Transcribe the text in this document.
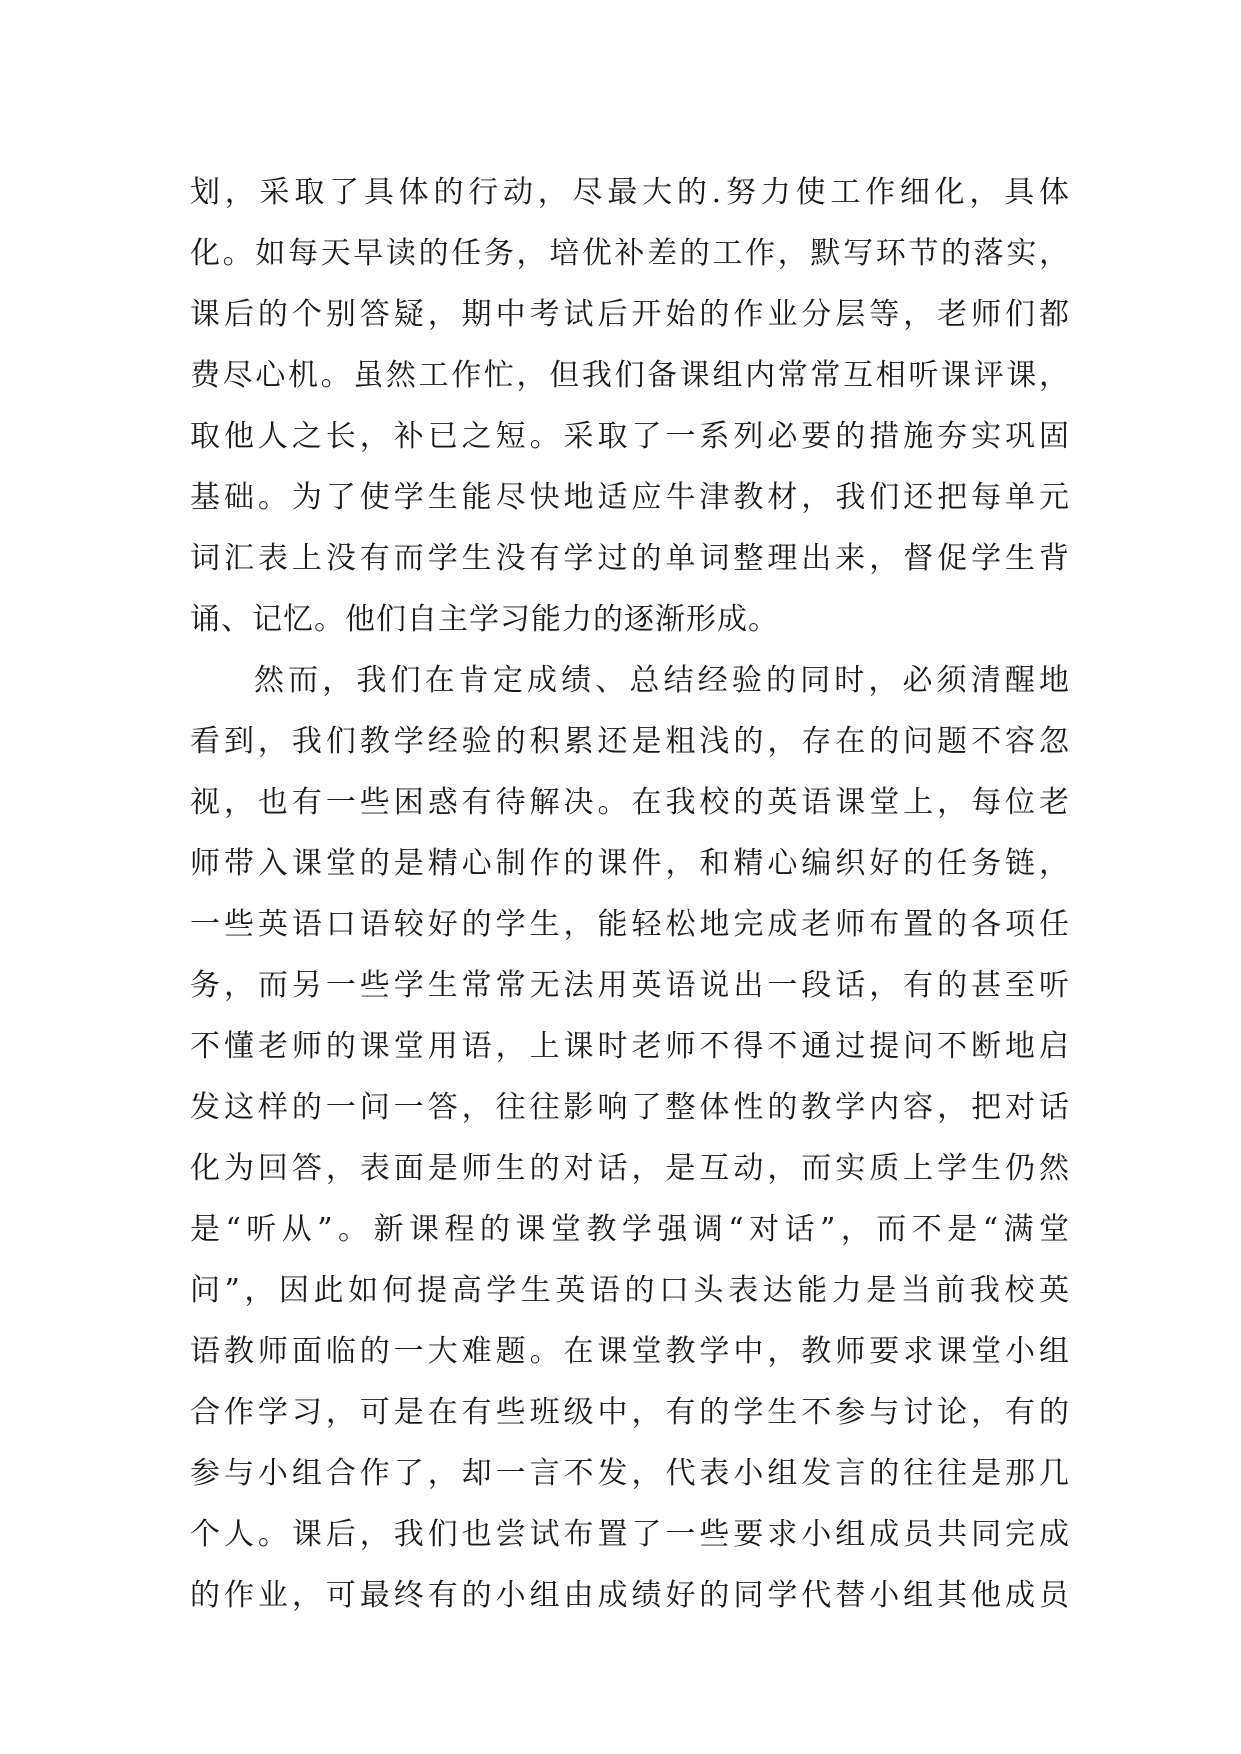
划，采取了具体的行动，尽最大的.努力使工作细化，具体
化。如每天早读的任务，培优补差的工作，默写环节的落实，
课后的个别答疑，期中考试后开始的作业分层等，老师们都
费尽心机。虽然工作忙，但我们备课组内常常互相听课评课，
取他人之长，补已之短。采取了一系列必要的措施夯实巩固
基础。为了使学生能尽快地适应牛津教材，我们还把每单元
词汇表上没有而学生没有学过的单词整理出来，督促学生背
诵、记忆。他们自主学习能力的逐渐形成。
然而，我们在肯定成绩、总结经验的同时，必须清醒地
看到，我们教学经验的积累还是粗浅的，存在的问题不容忽
视，也有一些困惑有待解决。在我校的英语课堂上，每位老
师带入课堂的是精心制作的课件，和精心编织好的任务链，
一些英语口语较好的学生，能轻松地完成老师布置的各项任
务，而另一些学生常常无法用英语说出一段话，有的甚至听
不懂老师的课堂用语，上课时老师不得不通过提问不断地启
发这样的一问一答，往往影响了整体性的教学内容，把对话
化为回答，表面是师生的对话，是互动，而实质上学生仍然
是“听从”。新课程的课堂教学强调“对话”，而不是“满堂
问”，因此如何提高学生英语的口头表达能力是当前我校英
语教师面临的一大难题。在课堂教学中，教师要求课堂小组
合作学习，可是在有些班级中，有的学生不参与讨论，有的
参与小组合作了，却一言不发，代表小组发言的往往是那几
个人。课后，我们也尝试布置了一些要求小组成员共同完成
的作业，可最终有的小组由成绩好的同学代替小组其他成员
